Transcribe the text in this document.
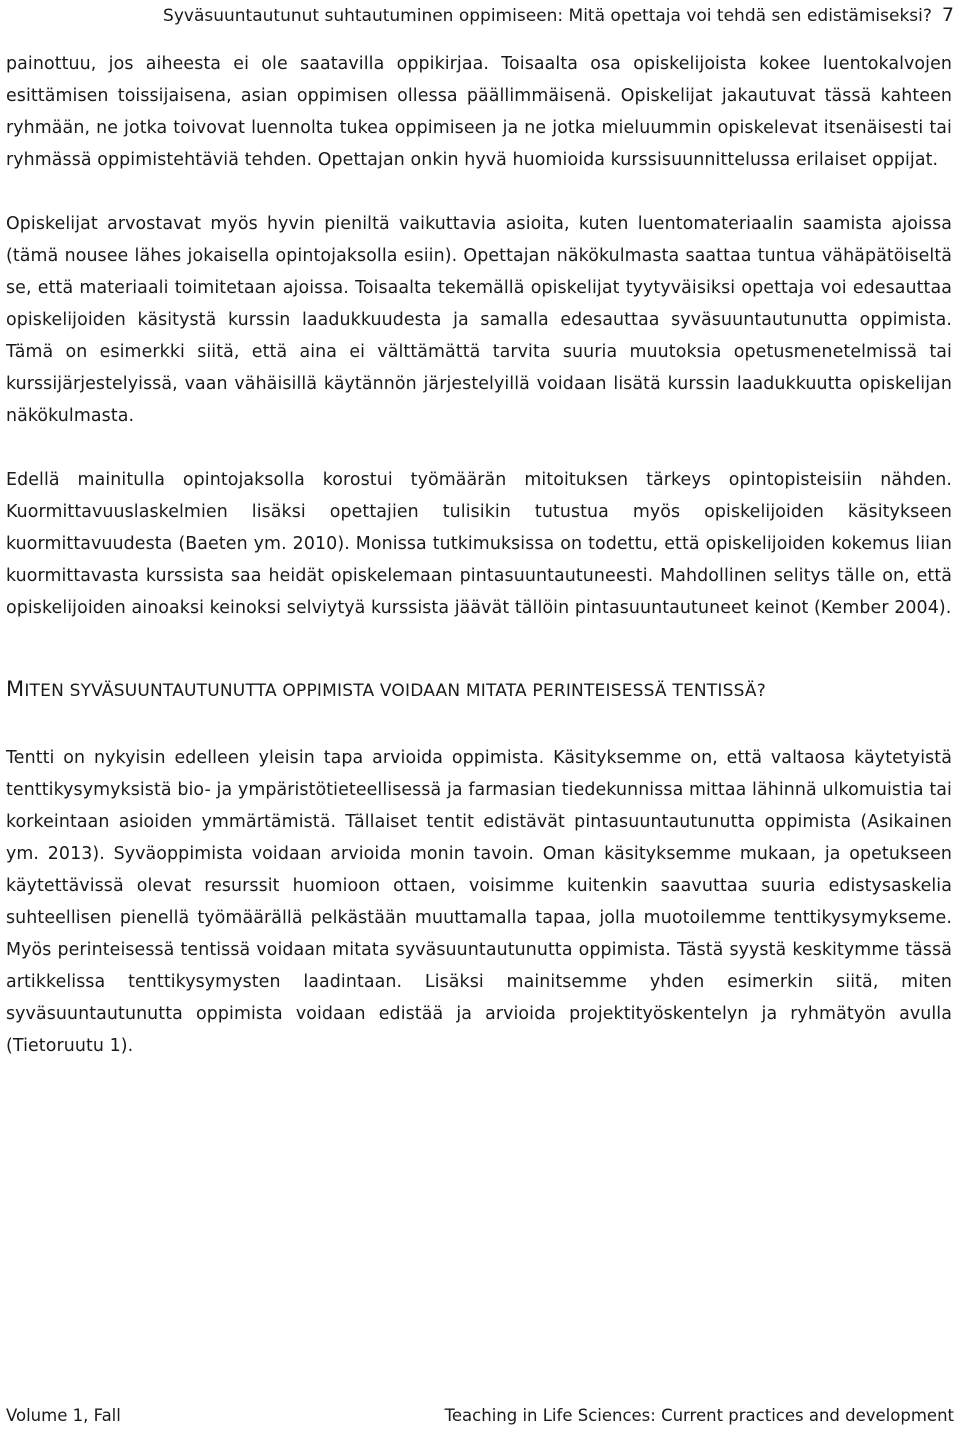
Syväsuuntautunut suhtautuminen oppimiseen: Mitä opettaja voi tehdä sen edistämiseksi? 7

painottuu, jos aiheesta ei ole saatavilla oppikirjaa. Toisaalta osa opiskelijoista kokee luentokalvojen esittämisen toissijaisena, asian oppimisen ollessa päällimmäisenä. Opiskelijat jakautuvat tässä kahteen ryhmään, ne jotka toivovat luennolta tukea oppimiseen ja ne jotka mieluummin opiskelevat itsenäisesti tai ryhmässä oppimistehtäviä tehden. Opettajan onkin hyvä huomioida kurssisuunnittelussa erilaiset oppijat.

Opiskelijat arvostavat myös hyvin pieniltä vaikuttavia asioita, kuten luentomateriaalin saamista ajoissa (tämä nousee lähes jokaisella opintojaksolla esiin). Opettajan näkökulmasta saattaa tuntua vähäpätöiseltä se, että materiaali toimitetaan ajoissa. Toisaalta tekemällä opiskelijat tyytyväisiksi opettaja voi edesauttaa opiskelijoiden käsitystä kurssin laadukkuudesta ja samalla edesauttaa syväsuuntautunutta oppimista. Tämä on esimerkki siitä, että aina ei välttämättä tarvita suuria muutoksia opetusmenetelmissä tai kurssijärjestelyissä, vaan vähäisillä käytännön järjestelyillä voidaan lisätä kurssin laadukkuutta opiskelijan näkökulmasta.

Edellä mainitulla opintojaksolla korostui työmäärän mitoituksen tärkeys opintopisteisiin nähden. Kuormittavuuslaskelmien lisäksi opettajien tulisikin tutustua myös opiskelijoiden käsitykseen kuormittavuudesta (Baeten ym. 2010). Monissa tutkimuksissa on todettu, että opiskelijoiden kokemus liian kuormittavasta kurssista saa heidät opiskelemaan pintasuuntautuneesti. Mahdollinen selitys tälle on, että opiskelijoiden ainoaksi keinoksi selviytyä kurssista jäävät tällöin pintasuuntautuneet keinot (Kember 2004).

MITEN SYVÄSUUNTAUTUNUTTA OPPIMISTA VOIDAAN MITATA PERINTEISESSÄ TENTISSÄ?

Tentti on nykyisin edelleen yleisin tapa arvioida oppimista. Käsityksemme on, että valtaosa käytetyistä tenttikysymyksistä bio- ja ympäristötieteellisessä ja farmasian tiedekunnissa mittaa lähinnä ulkomuistia tai korkeintaan asioiden ymmärtämistä. Tällaiset tentit edistävät pintasuuntautunutta oppimista (Asikainen ym. 2013). Syväoppimista voidaan arvioida monin tavoin. Oman käsityksemme mukaan, ja opetukseen käytettävissä olevat resurssit huomioon ottaen, voisimme kuitenkin saavuttaa suuria edistysaskelia suhteellisen pienellä työmäärällä pelkästään muuttamalla tapaa, jolla muotoilemme tenttikysymykseme. Myös perinteisessä tentissä voidaan mitata syväsuuntautunutta oppimista. Tästä syystä keskitymme tässä artikkelissa tenttikysymysten laadintaan. Lisäksi mainitsemme yhden esimerkin siitä, miten syväsuuntautunutta oppimista voidaan edistää ja arvioida projektityöskentelyn ja ryhmätyön avulla (Tietoruutu 1).

Volume 1, Fall	Teaching in Life Sciences: Current practices and development
